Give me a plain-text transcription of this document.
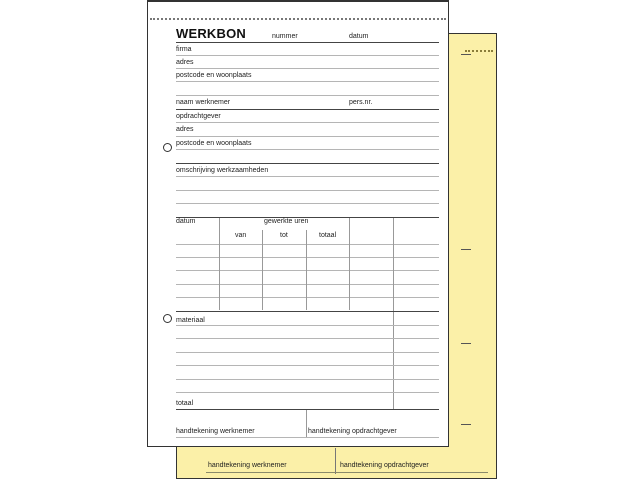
handtekening werknemer	handtekening opdrachtgever
WERKBON	nummer	datum
firma
adres
postcode en woonplaats
naam werknemer	pers.nr.
opdrachtgever
adres
postcode en woonplaats
omschrijving werkzaamheden
datum	gewerkte uren
van	tot	totaal
materiaal
totaal
handtekening werknemer	handtekening opdrachtgever
